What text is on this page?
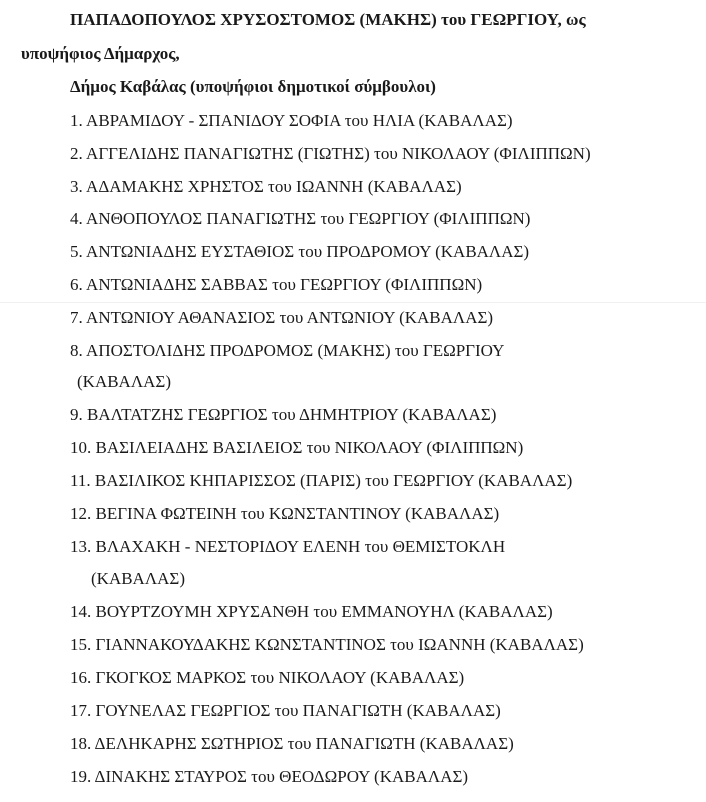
ΠΑΠΑΔΟΠΟΥΛΟΣ ΧΡΥΣΟΣΤΟΜΟΣ (ΜΑΚΗΣ) του ΓΕΩΡΓΙΟΥ, ως
υποψήφιος Δήμαρχος,
Δήμος Καβάλας (υποψήφιοι δημοτικοί σύμβουλοι)
1. ΑΒΡΑΜΙΔΟΥ - ΣΠΑΝΙΔΟΥ ΣΟΦΙΑ του ΗΛΙΑ (ΚΑΒΑΛΑΣ)
2. ΑΓΓΕΛΙΔΗΣ ΠΑΝΑΓΙΩΤΗΣ (ΓΙΩΤΗΣ) του ΝΙΚΟΛΑΟΥ (ΦΙΛΙΠΠΩΝ)
3. ΑΔΑΜΑΚΗΣ ΧΡΗΣΤΟΣ του ΙΩΑΝΝΗ (ΚΑΒΑΛΑΣ)
4. ΑΝΘΟΠΟΥΛΟΣ ΠΑΝΑΓΙΩΤΗΣ του ΓΕΩΡΓΙΟΥ (ΦΙΛΙΠΠΩΝ)
5. ΑΝΤΩΝΙΑΔΗΣ ΕΥΣΤΑΘΙΟΣ του ΠΡΟΔΡΟΜΟΥ (ΚΑΒΑΛΑΣ)
6. ΑΝΤΩΝΙΑΔΗΣ ΣΑΒΒΑΣ του ΓΕΩΡΓΙΟΥ (ΦΙΛΙΠΠΩΝ)
7. ΑΝΤΩΝΙΟΥ ΑΘΑΝΑΣΙΟΣ του ΑΝΤΩΝΙΟΥ (ΚΑΒΑΛΑΣ)
8. ΑΠΟΣΤΟΛΙΔΗΣ ΠΡΟΔΡΟΜΟΣ (ΜΑΚΗΣ) του ΓΕΩΡΓΙΟΥ
(ΚΑΒΑΛΑΣ)
9. ΒΑΛΤΑΤΖΗΣ ΓΕΩΡΓΙΟΣ του ΔΗΜΗΤΡΙΟΥ (ΚΑΒΑΛΑΣ)
10. ΒΑΣΙΛΕΙΑΔΗΣ ΒΑΣΙΛΕΙΟΣ του ΝΙΚΟΛΑΟΥ (ΦΙΛΙΠΠΩΝ)
11. ΒΑΣΙΛΙΚΟΣ ΚΗΠΑΡΙΣΣΟΣ (ΠΑΡΙΣ) του ΓΕΩΡΓΙΟΥ (ΚΑΒΑΛΑΣ)
12. ΒΕΓΙΝΑ ΦΩΤΕΙΝΗ του ΚΩΝΣΤΑΝΤΙΝΟΥ (ΚΑΒΑΛΑΣ)
13. ΒΛΑΧΑΚΗ - ΝΕΣΤΟΡΙΔΟΥ ΕΛΕΝΗ του ΘΕΜΙΣΤΟΚΛΗ
(ΚΑΒΑΛΑΣ)
14. ΒΟΥΡΤΖΟΥΜΗ ΧΡΥΣΑΝΘΗ του ΕΜΜΑΝΟΥΗΛ (ΚΑΒΑΛΑΣ)
15. ΓΙΑΝΝΑΚΟΥΔΑΚΗΣ ΚΩΝΣΤΑΝΤΙΝΟΣ του ΙΩΑΝΝΗ (ΚΑΒΑΛΑΣ)
16. ΓΚΟΓΚΟΣ ΜΑΡΚΟΣ του ΝΙΚΟΛΑΟΥ (ΚΑΒΑΛΑΣ)
17. ΓΟΥΝΕΛΑΣ ΓΕΩΡΓΙΟΣ του ΠΑΝΑΓΙΩΤΗ (ΚΑΒΑΛΑΣ)
18. ΔΕΛΗΚΑΡΗΣ ΣΩΤΗΡΙΟΣ του ΠΑΝΑΓΙΩΤΗ (ΚΑΒΑΛΑΣ)
19. ΔΙΝΑΚΗΣ ΣΤΑΥΡΟΣ του ΘΕΟΔΩΡΟΥ (ΚΑΒΑΛΑΣ)
